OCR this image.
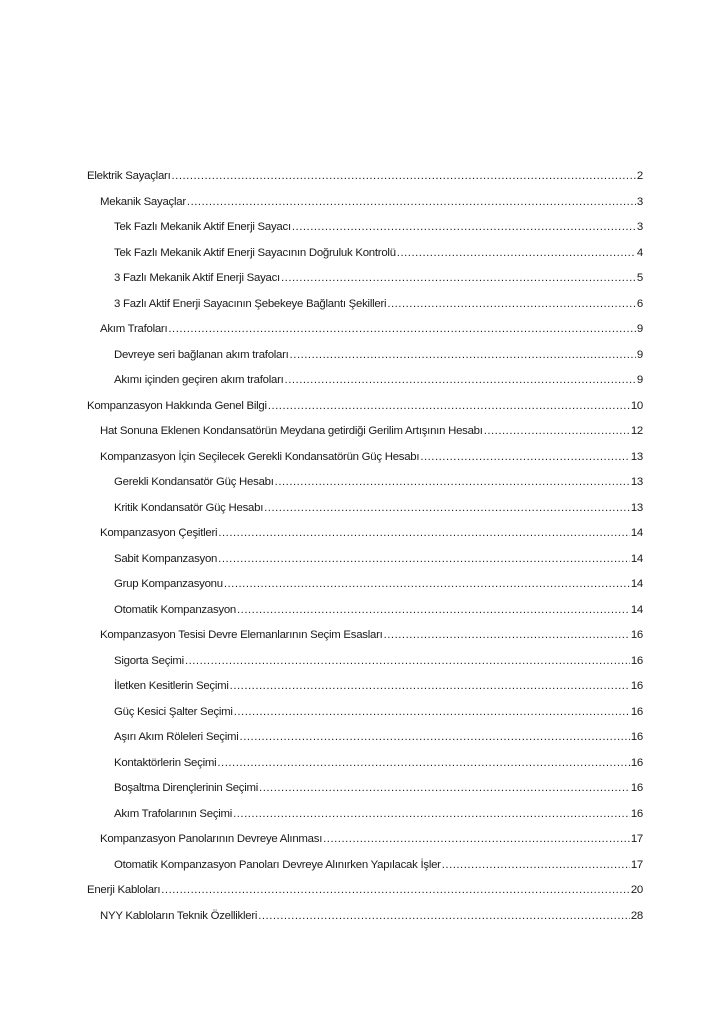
Elektrik Sayaçları .....	2
Mekanik Sayaçlar .....	3
Tek Fazlı Mekanik Aktif Enerji Sayacı .....	3
Tek Fazlı Mekanik Aktif Enerji Sayacının Doğruluk Kontrolü .....	4
3 Fazlı Mekanik Aktif Enerji Sayacı .....	5
3 Fazlı Aktif Enerji Sayacının Şebekeye Bağlantı Şekilleri .....	6
Akım Trafoları .....	9
Devreye seri bağlanan akım trafoları .....	9
Akımı içinden geçiren akım trafoları .....	9
Kompanzasyon Hakkında Genel Bilgi .....	10
Hat Sonuna Eklenen Kondansatörün Meydana getirdiği Gerilim Artışının Hesabı .....	12
Kompanzasyon İçin Seçilecek Gerekli Kondansatörün Güç Hesabı .....	13
Gerekli Kondansatör Güç Hesabı .....	13
Kritik Kondansatör Güç Hesabı .....	13
Kompanzasyon Çeşitleri .....	14
Sabit Kompanzasyon .....	14
Grup Kompanzasyonu .....	14
Otomatik Kompanzasyon .....	14
Kompanzasyon Tesisi Devre Elemanlarının Seçim Esasları .....	16
Sigorta Seçimi .....	16
İletken Kesitlerin Seçimi .....	16
Güç Kesici Şalter Seçimi .....	16
Aşırı Akım Röleleri Seçimi .....	16
Kontaktörlerin Seçimi .....	16
Boşaltma Dirençlerinin Seçimi .....	16
Akım Trafolarının Seçimi .....	16
Kompanzasyon Panolarının Devreye Alınması .....	17
Otomatik Kompanzasyon Panoları Devreye Alınırken Yapılacak İşler .....	17
Enerji Kabloları .....	20
NYY Kabloların Teknik Özellikleri .....	28
